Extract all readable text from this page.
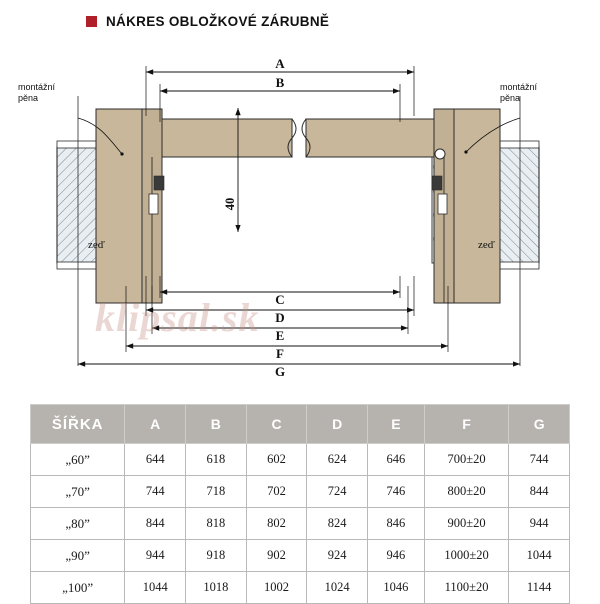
NÁKRES OBLOŽKOVÉ ZÁRUBNĚ
A
B
40
C
D
E
F
G
zeď	zeď
klipsal.sk
montážní
pěna
montážní
pěna
ŠÍŘKA	A	B	C	D	E	F	G
„60”	644	618	602	624	646	700±20	744
„70”	744	718	702	724	746	800±20	844
„80”	844	818	802	824	846	900±20	944
„90”	944	918	902	924	946	1000±20	1044
„100”	1044	1018	1002	1024	1046	1100±20	1144
